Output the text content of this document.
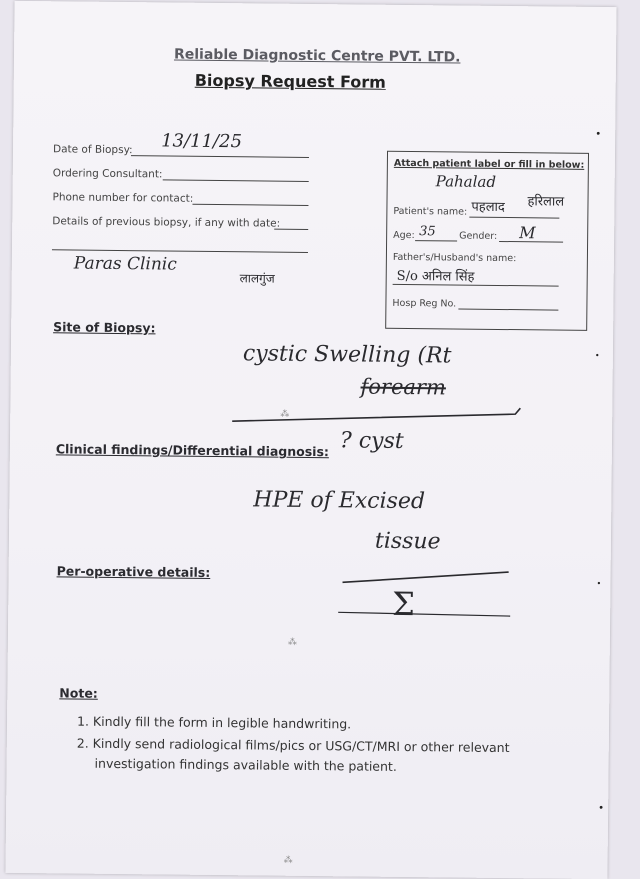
Reliable Diagnostic Centre PVT. LTD.
Biopsy Request Form
Date of Biopsy: 13/11/25
Ordering Consultant:
Phone number for contact:
Details of previous biopsy, if any with date:
Paras Clinic
लालगुंज
Attach patient label or fill in below:
Pahalad
Patient's name: पहलाद हरिलाल
Age: 35 Gender: M
Father's/Husband's name:
S/o अनिल सिंह
Hosp Reg No.
Site of Biopsy:
cystic Swelling (Rt
forearm
Clinical findings/Differential diagnosis: ? cyst
HPE of Excised
tissue
Per-operative details:
Σ
Note:
1. Kindly fill the form in legible handwriting.
2. Kindly send radiological films/pics or USG/CT/MRI or other relevant
investigation findings available with the patient.
•
•
•
•
⁂
⁂
⁂
